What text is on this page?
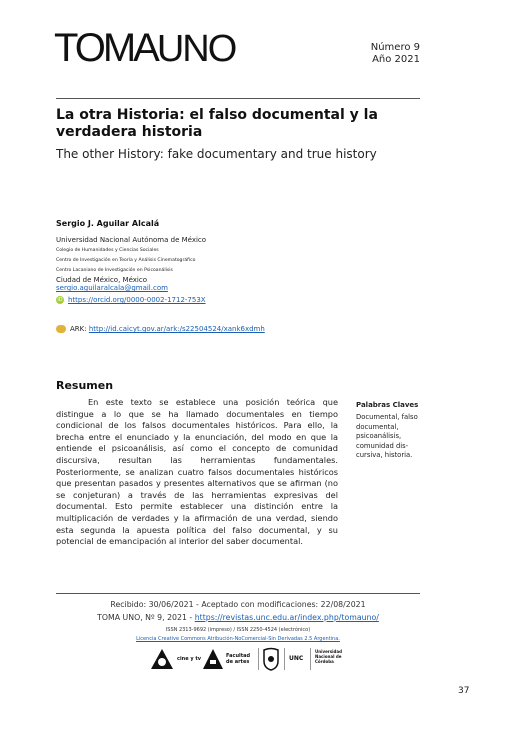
TOMAUNO	Número 9
Año 2021
La otra Historia: el falso documental y la verdadera historia
The other History: fake documentary and true history
Sergio J. Aguilar Alcalá
Universidad Nacional Autónoma de México
Colegio de Humanidades y Ciencias Sociales
Centro de Investigación en Teoría y Análisis Cinematográfico
Centro Lacaniano de Investigación en Psicoanálisis
Ciudad de México, México
sergio.aguilaralcala@gmail.com
iD https://orcid.org/0000-0002-1712-753X
ARK: http://id.caicyt.gov.ar/ark:/s22504524/xank6xdmh
Resumen
En este texto se establece una posición teórica que distingue a lo que se ha llamado documentales en tiempo condicional de los falsos documentales históricos. Para ello, la brecha entre el enunciado y la enunciación, del modo en que la entiende el psicoanálisis, así como el concepto de comunidad discursiva, resultan las herramientas fundamentales. Posteriormente, se analizan cuatro falsos documentales históricos que presentan pasados y presentes alternativos que se afirman (no se conjeturan) a través de las herramientas expresivas del documental. Esto permite establecer una distinción entre la multiplicación de verdades y la afirmación de una verdad, siendo esta segunda la apuesta política del falso documental, y su potencial de emancipación al interior del saber documental.
Palabras Claves
Documental, falso documental, psicoanálisis, comunidad dis-cursiva, historia.
Recibido: 30/06/2021 - Aceptado con modificaciones: 22/08/2021
TOMA UNO, Nº 9, 2021 - https://revistas.unc.edu.ar/index.php/tomauno/
ISSN 2313-9692 (impreso) / ISSN 2250-4524 (electrónico)
Licencia Creative Commons Atribución-NoComercial-Sin Derivadas 2.5 Argentina.
cine y tv	Facultad de artes	UNC
Universidad Nacional de Córdoba
37
